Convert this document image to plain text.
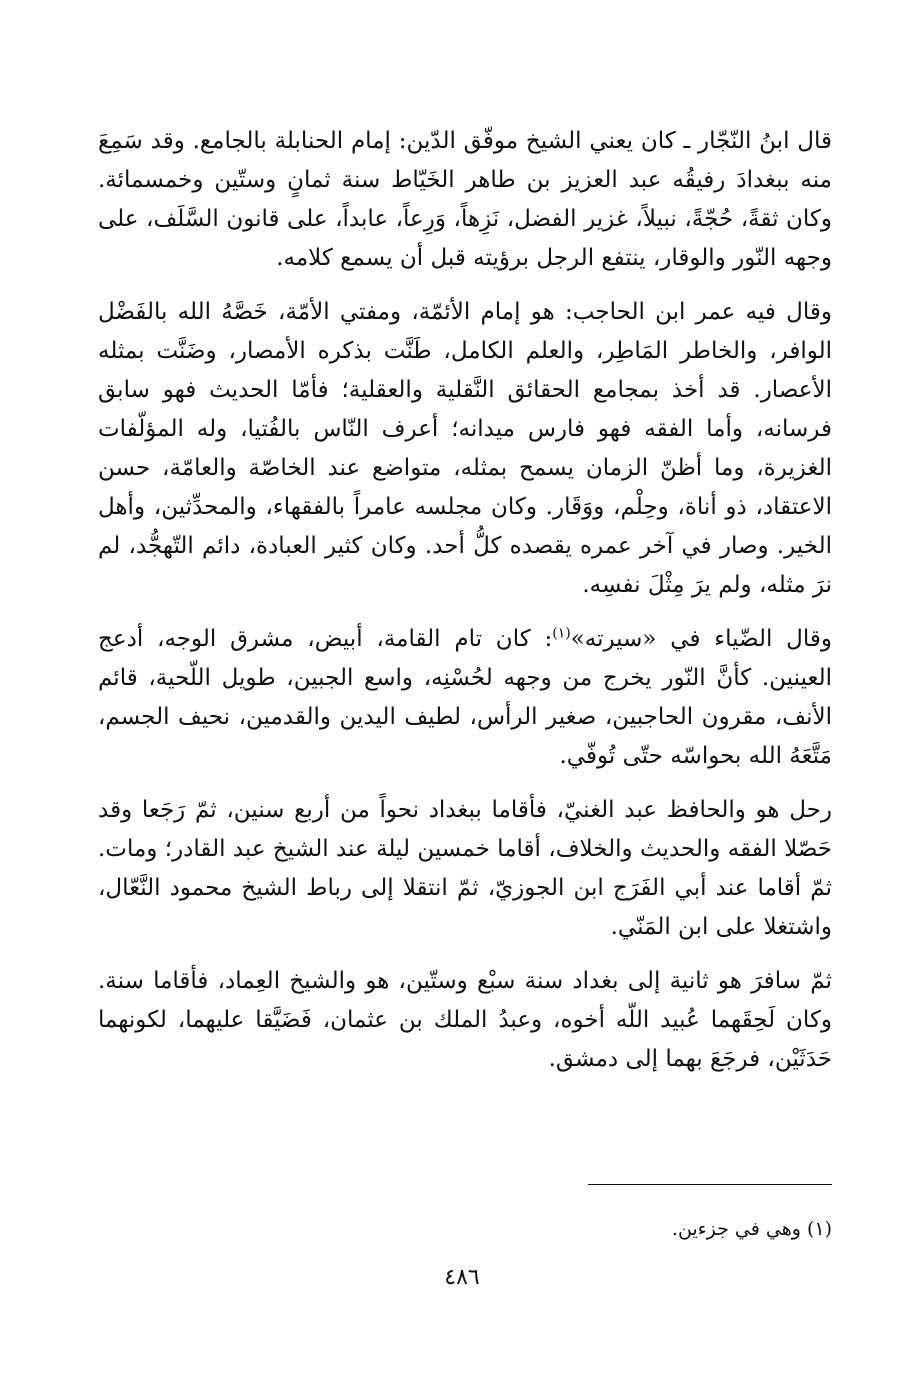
قال ابنُ النّجّار ـ كان يعني الشيخ موفّق الدّين: إمام الحنابلة بالجامع. وقد سَمِعَ منه ببغدادَ رفيقُه عبد العزيز بن طاهر الخَيّاط سنة ثمانٍ وستّين وخمسمائة. وكان ثقةً، حُجّةً، نبيلاً، غزير الفضل، نَزِهاً، وَرِعاً، عابداً، على قانون السَّلَف، على وجهه النّور والوقار، ينتفع الرجل برؤيته قبل أن يسمع كلامه.

وقال فيه عمر ابن الحاجب: هو إمام الأئمّة، ومفتي الأمّة، خَصَّهُ الله بالفَضْل الوافر، والخاطر المَاطِر، والعلم الكامل، طَنَّت بذكره الأمصار، وضَنَّت بمثله الأعصار. قد أخذ بمجامع الحقائق النَّقلية والعقلية؛ فأمّا الحديث فهو سابق فرسانه، وأما الفقه فهو فارس ميدانه؛ أعرف النّاس بالفُتيا، وله المؤلّفات الغزيرة، وما أظنّ الزمان يسمح بمثله، متواضع عند الخاصّة والعامّة، حسن الاعتقاد، ذو أناة، وحِلْم، ووَقَار. وكان مجلسه عامراً بالفقهاء، والمحدِّثين، وأهل الخير. وصار في آخر عمره يقصده كلُّ أحد. وكان كثير العبادة، دائم التّهجُّد، لم نرَ مثله، ولم يرَ مِثْلَ نفسِه.

وقال الضّياء في «سيرته»$^{(١)}$: كان تام القامة، أبيض، مشرق الوجه، أدعج العينين. كأنَّ النّور يخرج من وجهه لحُسْنِه، واسع الجبين، طويل اللّحية، قائم الأنف، مقرون الحاجبين، صغير الرأس، لطيف اليدين والقدمين، نحيف الجسم، مَتَّعَهُ الله بحواسّه حتّى تُوفّي.

رحل هو والحافظ عبد الغنيّ، فأقاما ببغداد نحواً من أربع سنين، ثمّ رَجَعا وقد حَصّلا الفقه والحديث والخلاف، أقاما خمسين ليلة عند الشيخ عبد القادر؛ ومات. ثمّ أقاما عند أبي الفَرَج ابن الجوزيّ، ثمّ انتقلا إلى رباط الشيخ محمود النَّعّال، واشتغلا على ابن المَنّي.

ثمّ سافرَ هو ثانية إلى بغداد سنة سبْع وستّين، هو والشيخ العِماد، فأقاما سنة. وكان لَحِقَهما عُبيد اللّه أخوه، وعبدُ الملك بن عثمان، فَضَيَّقا عليهما، لكونهما حَدَثَيْن، فرجَعَ بهما إلى دمشق.

(١) وهي في جزءين.
٤٨٦
